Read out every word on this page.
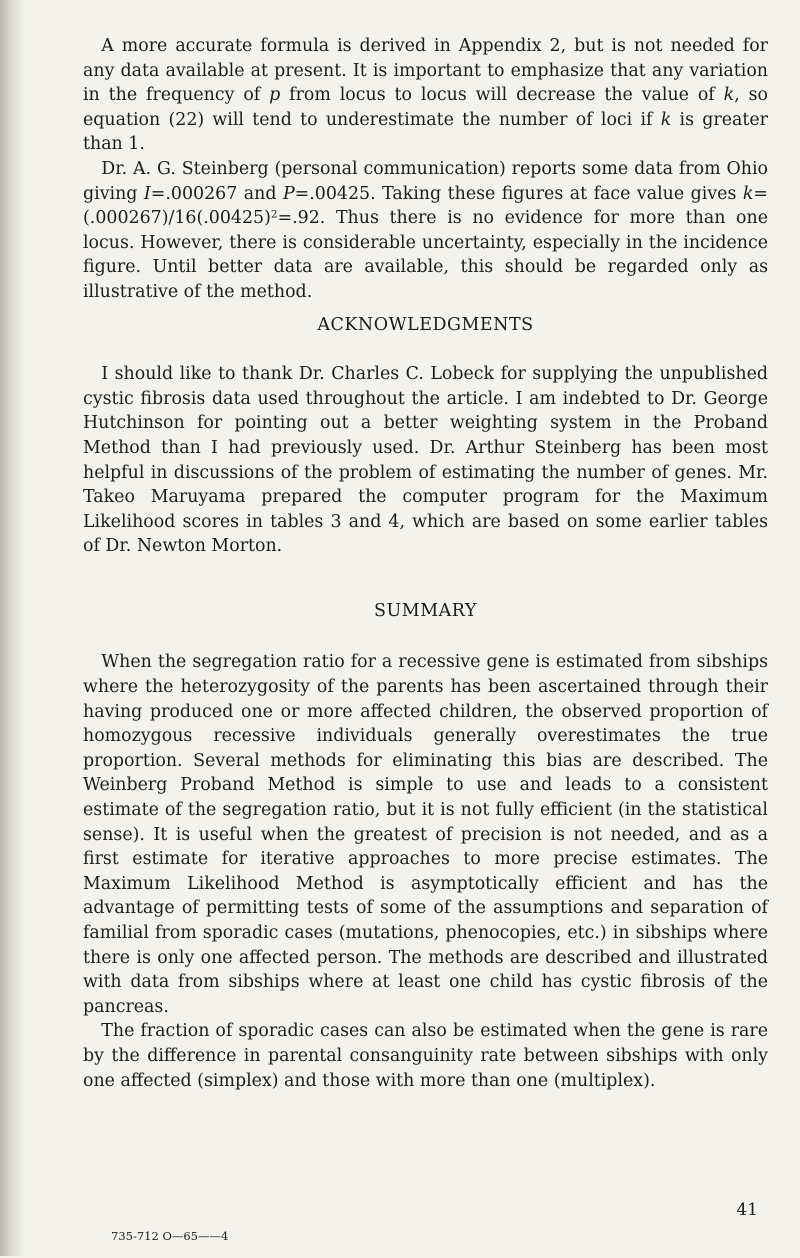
A more accurate formula is derived in Appendix 2, but is not needed for any data available at present. It is important to emphasize that any variation in the frequency of p from locus to locus will decrease the value of k, so equation (22) will tend to underestimate the number of loci if k is greater than 1.

Dr. A. G. Steinberg (personal communication) reports some data from Ohio giving I=.000267 and P=.00425. Taking these figures at face value gives $k=(.000267)/16(.00425)^2=.92$. Thus there is no evidence for more than one locus. However, there is considerable uncertainty, especially in the incidence figure. Until better data are available, this should be regarded only as illustrative of the method.

ACKNOWLEDGMENTS

I should like to thank Dr. Charles C. Lobeck for supplying the unpublished cystic fibrosis data used throughout the article. I am indebted to Dr. George Hutchinson for pointing out a better weighting system in the Proband Method than I had previously used. Dr. Arthur Steinberg has been most helpful in discussions of the problem of estimating the number of genes. Mr. Takeo Maruyama prepared the computer program for the Maximum Likelihood scores in tables 3 and 4, which are based on some earlier tables of Dr. Newton Morton.

SUMMARY

When the segregation ratio for a recessive gene is estimated from sibships where the heterozygosity of the parents has been ascertained through their having produced one or more affected children, the observed proportion of homozygous recessive individuals generally overestimates the true proportion. Several methods for eliminating this bias are described. The Weinberg Proband Method is simple to use and leads to a consistent estimate of the segregation ratio, but it is not fully efficient (in the statistical sense). It is useful when the greatest of precision is not needed, and as a first estimate for iterative approaches to more precise estimates. The Maximum Likelihood Method is asymptotically efficient and has the advantage of permitting tests of some of the assumptions and separation of familial from sporadic cases (mutations, phenocopies, etc.) in sibships where there is only one affected person. The methods are described and illustrated with data from sibships where at least one child has cystic fibrosis of the pancreas.

The fraction of sporadic cases can also be estimated when the gene is rare by the difference in parental consanguinity rate between sibships with only one affected (simplex) and those with more than one (multiplex).

41
735-712 O—65——4
